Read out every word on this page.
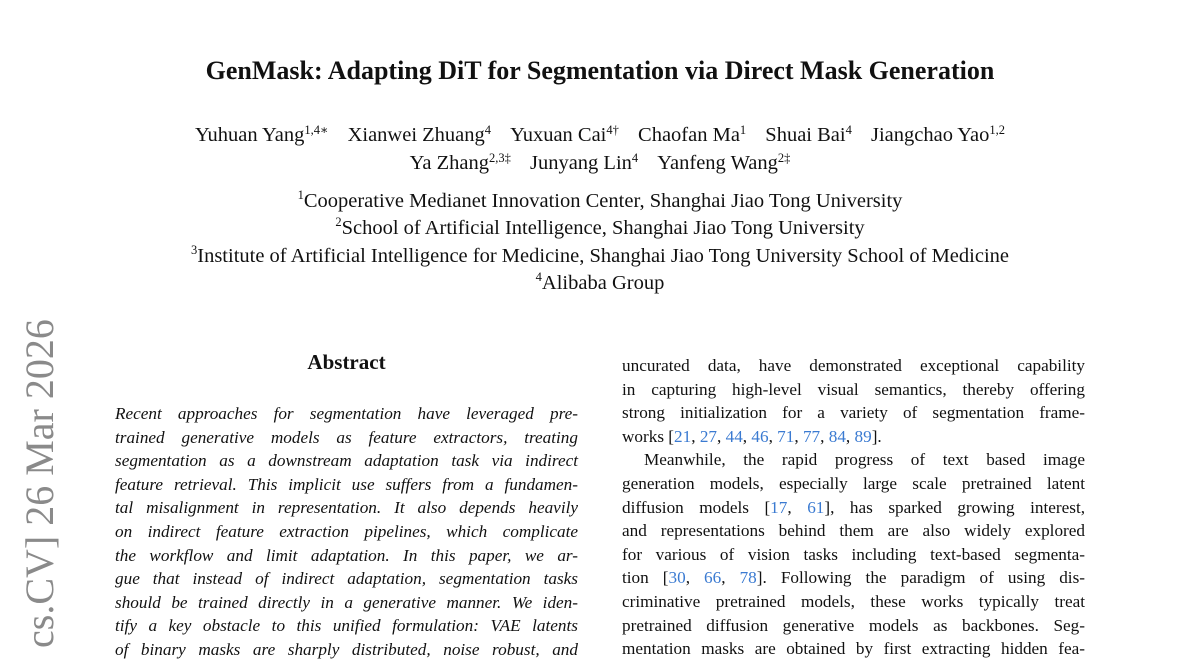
GenMask: Adapting DiT for Segmentation via Direct Mask Generation
Yuhuan Yang$^{1,4∗}$ Xianwei Zhuang$^4$ Yuxuan Cai$^{4\dagger}$ Chaofan Ma$^1$ Shuai Bai$^4$ Jiangchao Yao$^{1,2}$
Ya Zhang$^{2,3\ddagger}$ Junyang Lin$^4$ Yanfeng Wang$^{2\ddagger}$
$^1$Cooperative Medianet Innovation Center, Shanghai Jiao Tong University
$^2$School of Artificial Intelligence, Shanghai Jiao Tong University
$^3$Institute of Artificial Intelligence for Medicine, Shanghai Jiao Tong University School of Medicine
$^4$Alibaba Group
cs.CV] 26 Mar 2026	Abstract
Recent approaches for segmentation have leveraged pre-
trained generative models as feature extractors, treating
segmentation as a downstream adaptation task via indirect
feature retrieval. This implicit use suffers from a fundamen-
tal misalignment in representation. It also depends heavily
on indirect feature extraction pipelines, which complicate
the workflow and limit adaptation. In this paper, we ar-
gue that instead of indirect adaptation, segmentation tasks
should be trained directly in a generative manner. We iden-
tify a key obstacle to this unified formulation: VAE latents
of binary masks are sharply distributed, noise robust, and
uncurated data, have demonstrated exceptional capability
in capturing high-level visual semantics, thereby offering
strong initialization for a variety of segmentation frame-
works [21, 27, 44, 46, 71, 77, 84, 89].
Meanwhile, the rapid progress of text based image
generation models, especially large scale pretrained latent
diffusion models [17, 61], has sparked growing interest,
and representations behind them are also widely explored
for various of vision tasks including text-based segmenta-
tion [30, 66, 78]. Following the paradigm of using dis-
criminative pretrained models, these works typically treat
pretrained diffusion generative models as backbones. Seg-
mentation masks are obtained by first extracting hidden fea-
